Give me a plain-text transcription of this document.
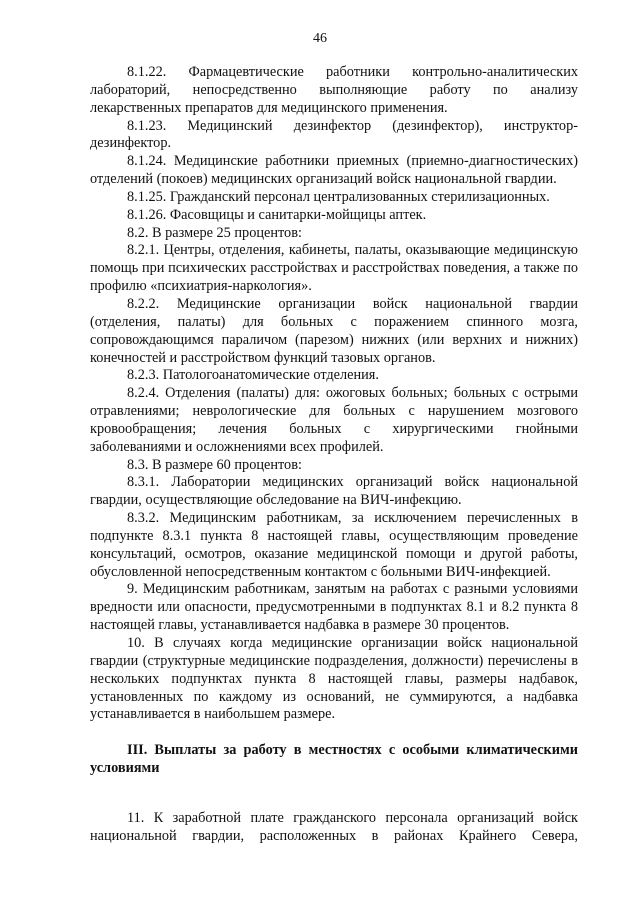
46

8.1.22. Фармацевтические работники контрольно-аналитических лабораторий, непосредственно выполняющие работу по анализу лекарственных препаратов для медицинского применения.

8.1.23. Медицинский дезинфектор (дезинфектор), инструктор-дезинфектор.

8.1.24. Медицинские работники приемных (приемно-диагностических) отделений (покоев) медицинских организаций войск национальной гвардии.

8.1.25. Гражданский персонал централизованных стерилизационных.

8.1.26. Фасовщицы и санитарки-мойщицы аптек.

8.2. В размере 25 процентов:

8.2.1. Центры, отделения, кабинеты, палаты, оказывающие медицинскую помощь при психических расстройствах и расстройствах поведения, а также по профилю «психиатрия-наркология».

8.2.2. Медицинские организации войск национальной гвардии (отделения, палаты) для больных с поражением спинного мозга, сопровождающимся параличом (парезом) нижних (или верхних и нижних) конечностей и расстройством функций тазовых органов.

8.2.3. Патологоанатомические отделения.

8.2.4. Отделения (палаты) для: ожоговых больных; больных с острыми отравлениями; неврологические для больных с нарушением мозгового кровообращения; лечения больных с хирургическими гнойными заболеваниями и осложнениями всех профилей.

8.3. В размере 60 процентов:

8.3.1. Лаборатории медицинских организаций войск национальной гвардии, осуществляющие обследование на ВИЧ-инфекцию.

8.3.2. Медицинским работникам, за исключением перечисленных в подпункте 8.3.1 пункта 8 настоящей главы, осуществляющим проведение консультаций, осмотров, оказание медицинской помощи и другой работы, обусловленной непосредственным контактом с больными ВИЧ-инфекцией.

9. Медицинским работникам, занятым на работах с разными условиями вредности или опасности, предусмотренными в подпунктах 8.1 и 8.2 пункта 8 настоящей главы, устанавливается надбавка в размере 30 процентов.

10. В случаях когда медицинские организации войск национальной гвардии (структурные медицинские подразделения, должности) перечислены в нескольких подпунктах пункта 8 настоящей главы, размеры надбавок, установленных по каждому из оснований, не суммируются, а надбавка устанавливается в наибольшем размере.

III. Выплаты за работу в местностях с особыми климатическими условиями

11. К заработной плате гражданского персонала организаций войск национальной гвардии, расположенных в районах Крайнего Севера,
